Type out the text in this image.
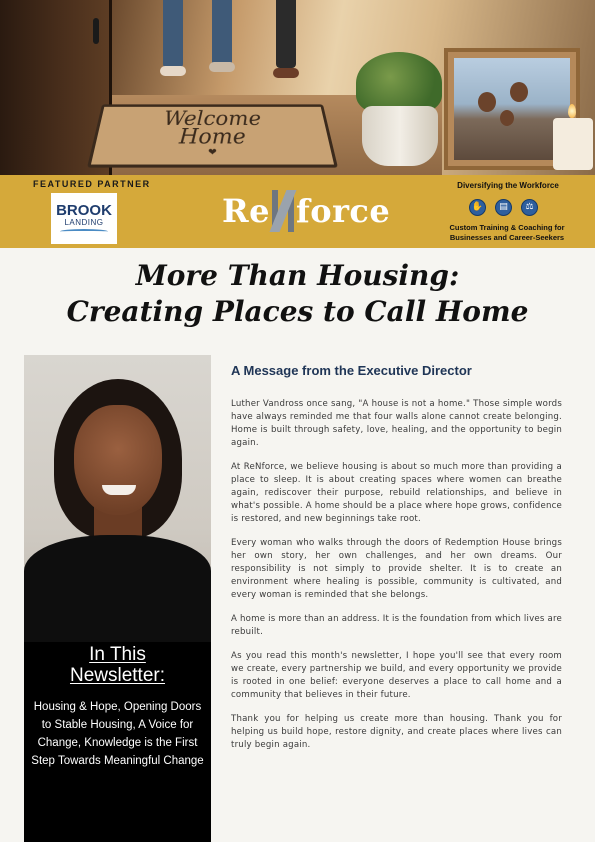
Welcome
Home
❤
FEATURED PARTNER
BROOK
LANDING	Re force
Diversifying the Workforce
✋	▤	⚖
Custom Training & Coaching for Businesses and Career-Seekers
More Than Housing:
Creating Places to Call Home
In This
Newsletter:

Housing & Hope, Opening Doors to Stable Housing, A Voice for Change, Knowledge is the First Step Towards Meaningful Change

A Message from the Executive Director

Luther Vandross once sang, "A house is not a home." Those simple words have always reminded me that four walls alone cannot create belonging. Home is built through safety, love, healing, and the opportunity to begin again.

At ReNforce, we believe housing is about so much more than providing a place to sleep. It is about creating spaces where women can breathe again, rediscover their purpose, rebuild relationships, and believe in what's possible. A home should be a place where hope grows, confidence is restored, and new beginnings take root.

Every woman who walks through the doors of Redemption House brings her own story, her own challenges, and her own dreams. Our responsibility is not simply to provide shelter. It is to create an environment where healing is possible, community is cultivated, and every woman is reminded that she belongs.

A home is more than an address. It is the foundation from which lives are rebuilt.

As you read this month's newsletter, I hope you'll see that every room we create, every partnership we build, and every opportunity we provide is rooted in one belief: everyone deserves a place to call home and a community that believes in their future.

Thank you for helping us create more than housing. Thank you for helping us build hope, restore dignity, and create places where lives can truly begin again.
